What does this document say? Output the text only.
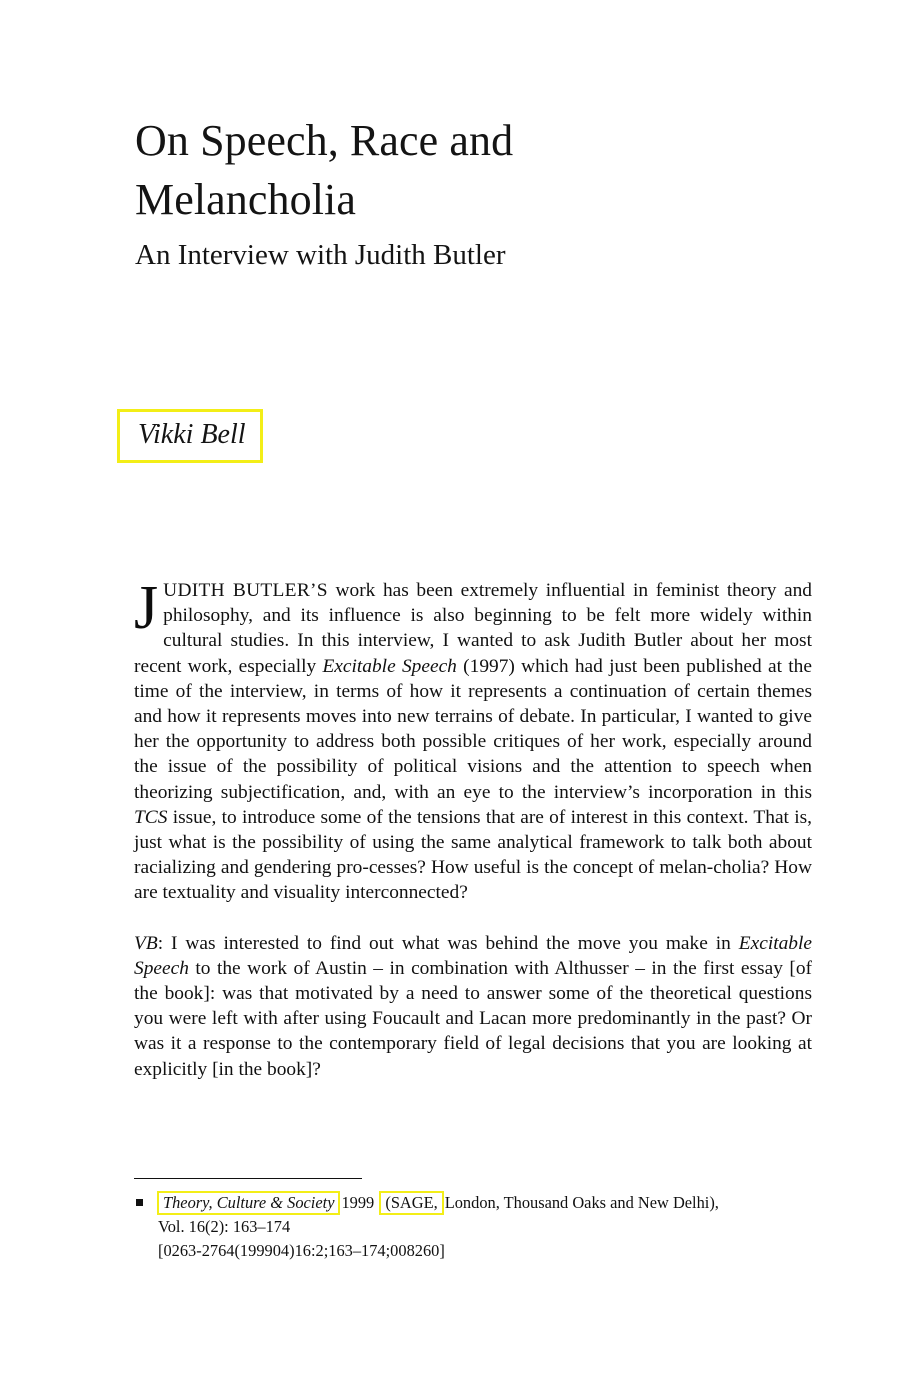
On Speech, Race and
Melancholia
An Interview with Judith Butler
Vikki Bell

JUDITH BUTLER’S work has been extremely influential in feminist theory and philosophy, and its influence is also beginning to be felt more widely within cultural studies. In this interview, I wanted to ask Judith Butler about her most recent work, especially Excitable Speech (1997) which had just been published at the time of the interview, in terms of how it represents a continuation of certain themes and how it represents moves into new terrains of debate. In particular, I wanted to give her the opportunity to address both possible critiques of her work, especially around the issue of the possibility of political visions and the attention to speech when theorizing subjectification, and, with an eye to the interview’s incorporation in this TCS issue, to introduce some of the tensions that are of interest in this context. That is, just what is the possibility of using the same analytical framework to talk both about racializing and gendering pro-cesses? How useful is the concept of melan-cholia? How are textuality and visuality interconnected?

VB: I was interested to find out what was behind the move you make in Excitable Speech to the work of Austin – in combination with Althusser – in the first essay [of the book]: was that motivated by a need to answer some of the theoretical questions you were left with after using Foucault and Lacan more predominantly in the past? Or was it a response to the contemporary field of legal decisions that you are looking at explicitly [in the book]?

Theory, Culture & Society 1999 (SAGE, London, Thousand Oaks and New Delhi),
Vol. 16(2): 163–174
[0263-2764(199904)16:2;163–174;008260]
